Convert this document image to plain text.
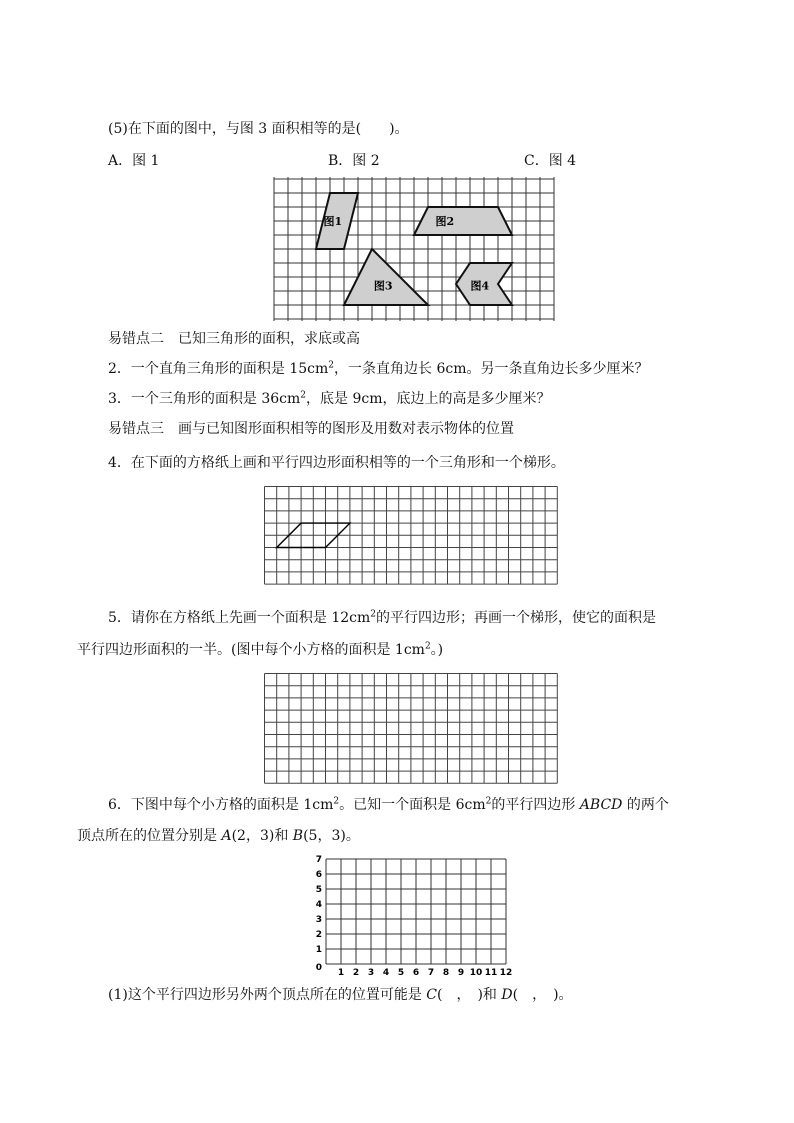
(5)在下面的图中，与图 3 面积相等的是(　　)。
A．图 1	B．图 2	C．图 4
图1	图2
图3	图4
易错点二　已知三角形的面积，求底或高
2．一个直角三角形的面积是 $15cm^2$，一条直角边长 6cm。另一条直角边长多少厘米？
3．一个三角形的面积是 $36cm^2$，底是 9cm，底边上的高是多少厘米？
易错点三　画与已知图形面积相等的图形及用数对表示物体的位置
4．在下面的方格纸上画和平行四边形面积相等的一个三角形和一个梯形。
5．请你在方格纸上先画一个面积是 $12cm^2$的平行四边形；再画一个梯形，使它的面积是
平行四边形面积的一半。(图中每个小方格的面积是 $1cm^2$。)
6．下图中每个小方格的面积是 $1cm^2$。已知一个面积是 $6cm^2$的平行四边形 ABCD 的两个
顶点所在的位置分别是 A(2，3)和 B(5，3)。
1
2
3
4
5
6
7
1 2 3 4 5 6 7 8 9 10 11 12
0
(1)这个平行四边形另外两个顶点所在的位置可能是 C(　，　)和 D(　，　)。
